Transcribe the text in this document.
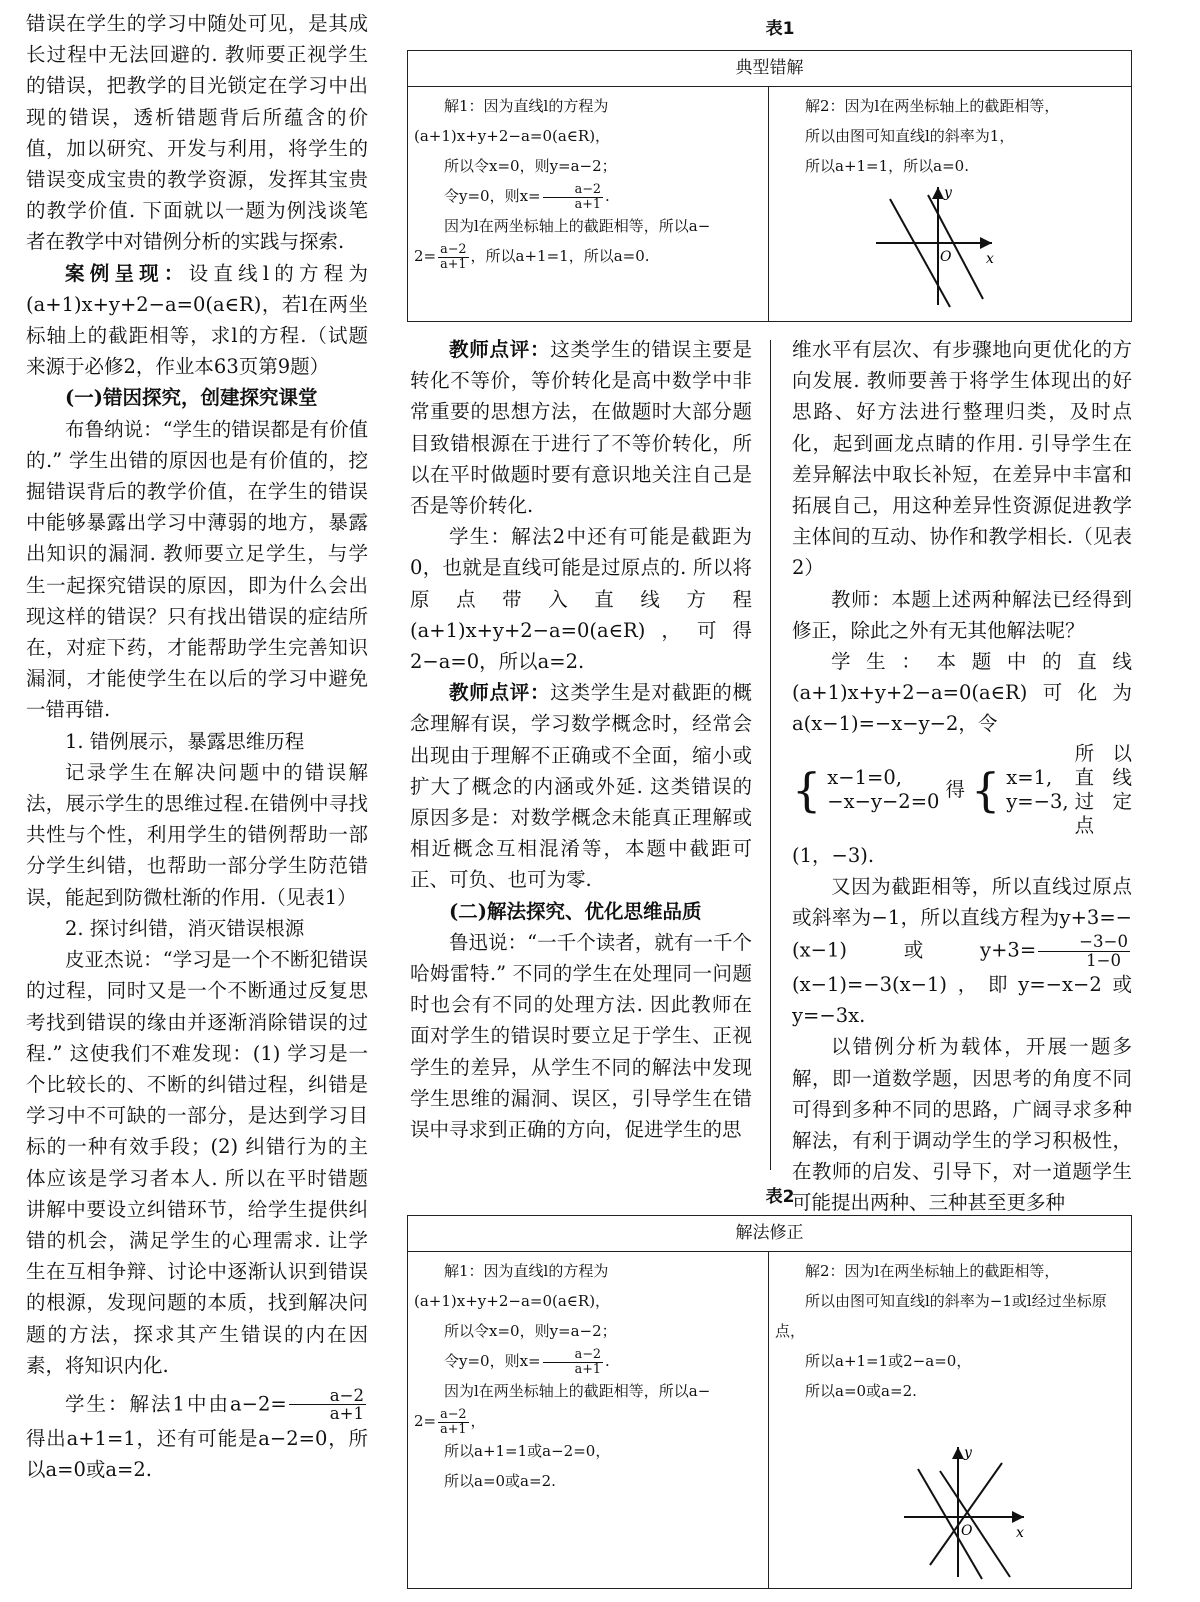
错误在学生的学习中随处可见，是其成长过程中无法回避的. 教师要正视学生的错误，把教学的目光锁定在学习中出现的错误，透析错题背后所蕴含的价值，加以研究、开发与利用，将学生的错误变成宝贵的教学资源，发挥其宝贵的教学价值. 下面就以一题为例浅谈笔者在教学中对错例分析的实践与探索.

案例呈现：设直线l的方程为(a+1)x+y+2−a=0(a∈R)，若l在两坐标轴上的截距相等，求l的方程.（试题来源于必修2，作业本63页第9题）

(一)错因探究，创建探究课堂

布鲁纳说：“学生的错误都是有价值的.” 学生出错的原因也是有价值的，挖掘错误背后的教学价值，在学生的错误中能够暴露出学习中薄弱的地方，暴露出知识的漏洞. 教师要立足学生，与学生一起探究错误的原因，即为什么会出现这样的错误？只有找出错误的症结所在，对症下药，才能帮助学生完善知识漏洞，才能使学生在以后的学习中避免一错再错.

1. 错例展示，暴露思维历程

记录学生在解决问题中的错误解法，展示学生的思维过程.在错例中寻找共性与个性，利用学生的错例帮助一部分学生纠错，也帮助一部分学生防范错误，能起到防微杜渐的作用.（见表1）

2. 探讨纠错，消灭错误根源

皮亚杰说：“学习是一个不断犯错误的过程，同时又是一个不断通过反复思考找到错误的缘由并逐渐消除错误的过程.” 这使我们不难发现：(1) 学习是一个比较长的、不断的纠错过程，纠错是学习中不可缺的一部分，是达到学习目标的一种有效手段；(2) 纠错行为的主体应该是学习者本人. 所以在平时错题讲解中要设立纠错环节，给学生提供纠错的机会，满足学生的心理需求. 让学生在互相争辩、讨论中逐渐认识到错误的根源，发现问题的本质，找到解决问题的方法，探求其产生错误的内在因素，将知识内化.

学生：解法1中由$a-2= \frac{a-2}{a+1}$
得出a+1=1，还有可能是a−2=0，所以a=0或a=2.

表1
典型错解

解1：因为直线l的方程为(a+1)x+y+2−a=0(a∈R)，

所以令x=0，则y=a−2；

令y=0，则$x= \frac{a-2}{a+1}$ .

因为l在两坐标轴上的截距相等，所以a−

$2= \frac{a-2}{a+1}$ ，所以a+1=1，所以a=0.

解2：因为l在两坐标轴上的截距相等，

所以由图可知直线l的斜率为1，

所以a+1=1，所以a=0.

x
y
O

教师点评：这类学生的错误主要是转化不等价，等价转化是高中数学中非常重要的思想方法，在做题时大部分题目致错根源在于进行了不等价转化，所以在平时做题时要有意识地关注自己是否是等价转化.

学生：解法2中还有可能是截距为0，也就是直线可能是过原点的. 所以将原点带入直线方程(a+1)x+y+2−a=0(a∈R)，可得2−a=0，所以a=2.

教师点评：这类学生是对截距的概念理解有误，学习数学概念时，经常会出现由于理解不正确或不全面，缩小或扩大了概念的内涵或外延. 这类错误的原因多是：对数学概念未能真正理解或相近概念互相混淆等，本题中截距可正、可负、也可为零.

(二)解法探究、优化思维品质

鲁迅说：“一千个读者，就有一千个哈姆雷特.” 不同的学生在处理同一问题时也会有不同的处理方法. 因此教师在面对学生的错误时要立足于学生、正视学生的差异，从学生不同的解法中发现学生思维的漏洞、误区，引导学生在错误中寻求到正确的方向，促进学生的思

维水平有层次、有步骤地向更优化的方向发展. 教师要善于将学生体现出的好思路、好方法进行整理归类，及时点化，起到画龙点睛的作用. 引导学生在差异解法中取长补短，在差异中丰富和拓展自己，用这种差异性资源促进教学主体间的互动、协作和教学相长.（见表2）

教师：本题上述两种解法已经得到修正，除此之外有无其他解法呢？

学生：本题中的直线(a+1)x+y+2−a=0(a∈R)可化为a(x−1)=−x−y−2，令

{ x−1=0,
−x−y−2=0
得 { x=1,
y=−3,
所以直线过定点

(1，−3).

又因为截距相等，所以直线过原点或斜率为−1，所以直线方程为y+3=−(x−1)或$y+3= \frac{-3-0}{1-0}$
(x−1)=−3(x−1)，即y=−x−2或y=−3x.

以错例分析为载体，开展一题多解，即一道数学题，因思考的角度不同可得到多种不同的思路，广阔寻求多种解法，有利于调动学生的学习积极性，在教师的启发、引导下，对一道题学生可能提出两种、三种甚至更多种

表2
解法修正

解1：因为直线l的方程为(a+1)x+y+2−a=0(a∈R)，

所以令x=0，则y=a−2；

令y=0，则$x= \frac{a-2}{a+1}$ .

因为l在两坐标轴上的截距相等，所以a−

$2= \frac{a-2}{a+1}$ ，

所以a+1=1或a−2=0，

所以a=0或a=2.

解2：因为l在两坐标轴上的截距相等，

所以由图可知直线l的斜率为−1或l经过坐标原点，

所以a+1=1或2−a=0，

所以a=0或a=2.

x
y
O
